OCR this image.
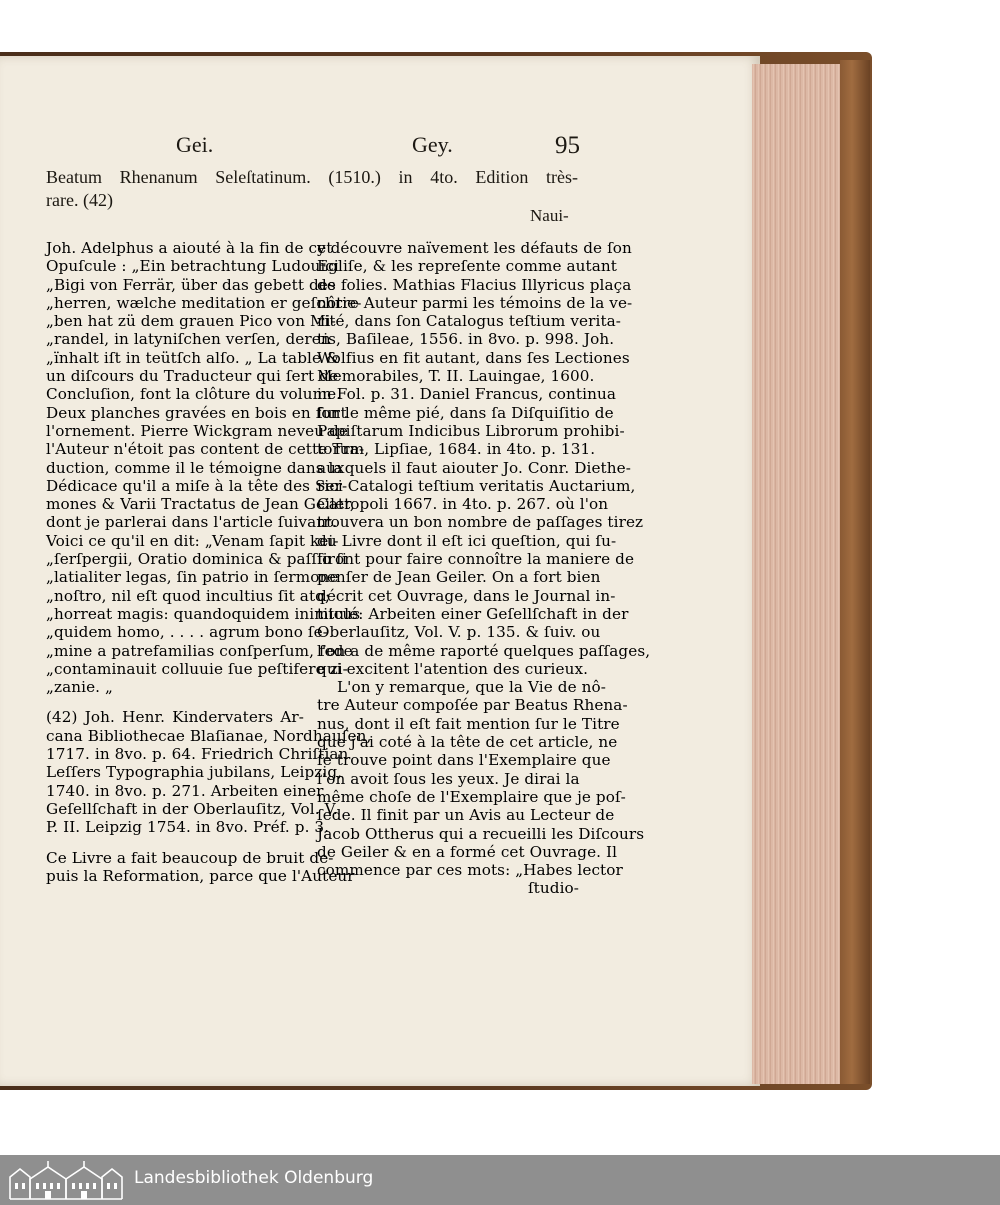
Gei.	Gey.	95
Beatum Rhenanum Seleſtatinum. (1510.) in 4to. Edition très-
rare. (42)
Naui-
Joh. Adelphus a aiouté à la fin de cet
Opuſcule : „Ein betrachtung Ludouici
„Bigi von Ferrär, über das gebett des
„herren, wælche meditation er geſchrie-
„ben hat zü dem grauen Pico von Mi-
„randel, in latyniſchen verſen, deren
„ïnhalt iſt in teütſch alſo. „ La table &
un diſcours du Traducteur qui ſert de
Concluſion, font la clôture du volume.
Deux planches gravées en bois en font
l'ornement. Pierre Wickgram neveu de
l'Auteur n'étoit pas content de cette Tra-
duction, comme il le témoigne dans la
Dédicace qu'il a miſe à la tête des Ser-
mones & Varii Tractatus de Jean Geiler,
dont je parlerai dans l'article ſuivant.
Voici ce qu'il en dit: „Venam ſapit kei-
„ſerſpergii, Oratio dominica & paſſio ſi
„latialiter legas, ſin patrio in ſermone
„noſtro, nil eſt quod incultius ſit atq;
„horreat magis: quandoquidem inimicus
„quidem homo, . . . . agrum bono ſe-
„mine a patrefamilias conſperſum, fede
„contaminauit colluuie ſue peſtifere zi-
„zanie. „
(42) Joh. Henr. Kindervaters Ar-
cana Bibliothecae Blaſianae, Nordhauſen,
1717. in 8vo. p. 64. Friedrich Chriſtian
Leſſers Typographia jubilans, Leipzig,
1740. in 8vo. p. 271. Arbeiten einer
Geſellſchaft in der Oberlauſitz, Vol. V.
P. II. Leipzig 1754. in 8vo. Préf. p. 3.
Ce Livre a fait beaucoup de bruit de-
puis la Reformation, parce que l'Auteur
y découvre naïvement les défauts de ſon
Egliſe, & les repreſente comme autant
de folies. Mathias Flacius Illyricus plaça
nôtre Auteur parmi les témoins de la ve-
rité, dans ſon Catalogus teſtium verita-
tis, Baſileae, 1556. in 8vo. p. 998. Joh.
Wolfius en fit autant, dans ſes Lectiones
Memorabiles, T. II. Lauingae, 1600.
in Fol. p. 31. Daniel Francus, continua
ſur le même pié, dans ſa Diſquiſitio de
Papiſtarum Indicibus Librorum prohibi-
torum, Lipſiae, 1684. in 4to. p. 131.
auxquels il faut aiouter Jo. Conr. Diethe-
rici Catalogi teſtium veritatis Auctarium,
Cattopoli 1667. in 4to. p. 267. où l'on
trouvera un bon nombre de paſſages tirez
du Livre dont il eſt ici queſtion, qui ſu-
firont pour faire connoître la maniere de
penſer de Jean Geiler. On a fort bien
décrit cet Ouvrage, dans le Journal in-
titulé: Arbeiten einer Geſellſchaft in der
Oberlauſitz, Vol. V. p. 135. & ſuiv. ou
l'on a de même raporté quelques paſſages,
qui excitent l'atention des curieux.
L'on y remarque, que la Vie de nô-
tre Auteur compoſée par Beatus Rhena-
nus, dont il eſt fait mention ſur le Titre
que j'ai coté à la tête de cet article, ne
ſe trouve point dans l'Exemplaire que
l'on avoit ſous les yeux. Je dirai la
même choſe de l'Exemplaire que je poſ-
ſede. Il finit par un Avis au Lecteur de
Jacob Ottherus qui a recueilli les Diſcours
de Geiler & en a formé cet Ouvrage. Il
commence par ces mots: „Habes lector
ſtudio-
Landesbibliothek Oldenburg
